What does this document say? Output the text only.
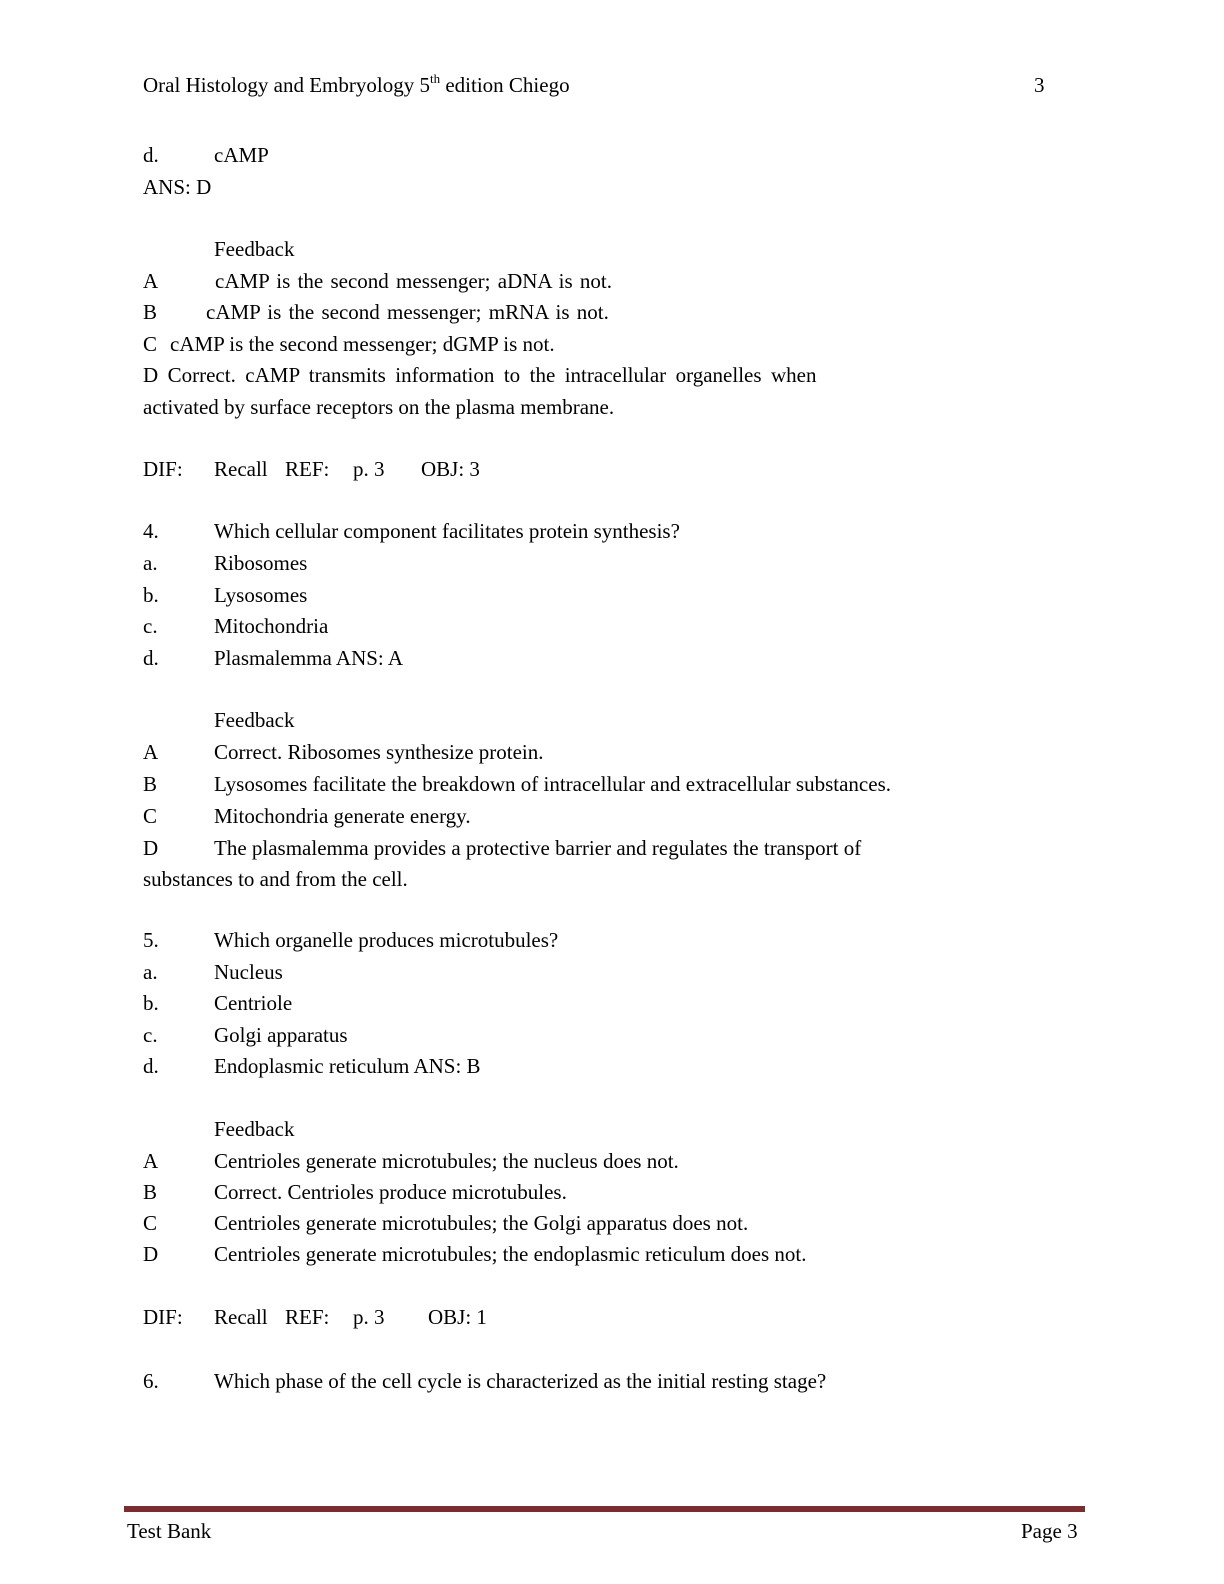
Oral Histology and Embryology 5th edition Chiego	3
d.	cAMP
ANS: D
Feedback
A	cAMP is the second messenger; aDNA is not.
B cAMP is the second messenger; mRNA is not.
C cAMP is the second messenger; dGMP is not.
D Correct. cAMP transmits information to the intracellular organelles when
activated by surface receptors on the plasma membrane.
DIF: Recall REF: p. 3 OBJ: 3
4.	Which cellular component facilitates protein synthesis?
a.	Ribosomes
b.	Lysosomes
c.	Mitochondria
d.	Plasmalemma ANS: A
Feedback
A	Correct. Ribosomes synthesize protein.
B	Lysosomes facilitate the breakdown of intracellular and extracellular substances.
C	Mitochondria generate energy.
D	The plasmalemma provides a protective barrier and regulates the transport of
substances to and from the cell.
5.	Which organelle produces microtubules?
a.	Nucleus
b.	Centriole
c.	Golgi apparatus
d.	Endoplasmic reticulum ANS: B
Feedback
A	Centrioles generate microtubules; the nucleus does not.
B	Correct. Centrioles produce microtubules.
C	Centrioles generate microtubules; the Golgi apparatus does not.
D	Centrioles generate microtubules; the endoplasmic reticulum does not.
DIF: Recall REF: p. 3 OBJ: 1
6.	Which phase of the cell cycle is characterized as the initial resting stage?
Test Bank	Page 3
